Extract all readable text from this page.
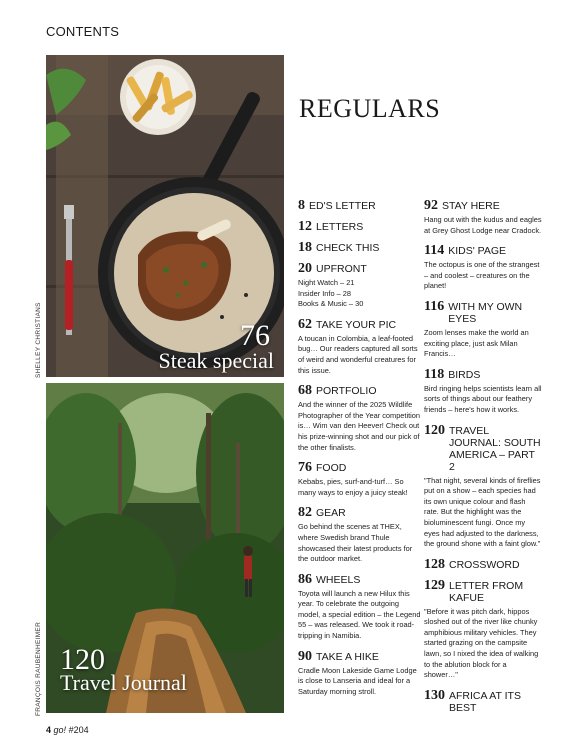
CONTENTS
76
Steak special
SHELLEY CHRISTIANS
120
Travel Journal
FRANÇOIS RAUBENHEIMER
REGULARS
8 ED'S LETTER
12 LETTERS
18 CHECK THIS
20 UPFRONT
Night Watch – 21
Insider Info – 28
Books & Music – 30
62 TAKE YOUR PIC
A toucan in Colombia, a leaf-footed bug… Our readers captured all sorts of weird and wonderful creatures for this issue.
68 PORTFOLIO
And the winner of the 2025 Wildlife Photographer of the Year competition is… Wim van den Heever! Check out his prize-winning shot and our pick of the other finalists.
76 FOOD
Kebabs, pies, surf-and-turf… So many ways to enjoy a juicy steak!
82 GEAR
Go behind the scenes at THEX, where Swedish brand Thule showcased their latest products for the outdoor market.
86 WHEELS
Toyota will launch a new Hilux this year. To celebrate the outgoing model, a special edition – the Legend 55 – was released. We took it road-tripping in Namibia.
90 TAKE A HIKE
Cradle Moon Lakeside Game Lodge is close to Lanseria and ideal for a Saturday morning stroll.
92 STAY HERE
Hang out with the kudus and eagles at Grey Ghost Lodge near Cradock.
114 KIDS' PAGE
The octopus is one of the strangest – and coolest – creatures on the planet!
116 WITH MY OWN EYES
Zoom lenses make the world an exciting place, just ask Milan Francis…
118 BIRDS
Bird ringing helps scientists learn all sorts of things about our feathery friends – here's how it works.
120 TRAVEL JOURNAL: SOUTH AMERICA – PART 2
"That night, several kinds of fireflies put on a show – each species had its own unique colour and flash rate. But the highlight was the bioluminescent fungi. Once my eyes had adjusted to the darkness, the ground shone with a faint glow."
128 CROSSWORD
129 LETTER FROM KAFUE
"Before it was pitch dark, hippos sloshed out of the river like chunky amphibious military vehicles. They started grazing on the campsite lawn, so I nixed the idea of walking to the ablution block for a shower…"
130 AFRICA AT ITS BEST
4 go! #204
